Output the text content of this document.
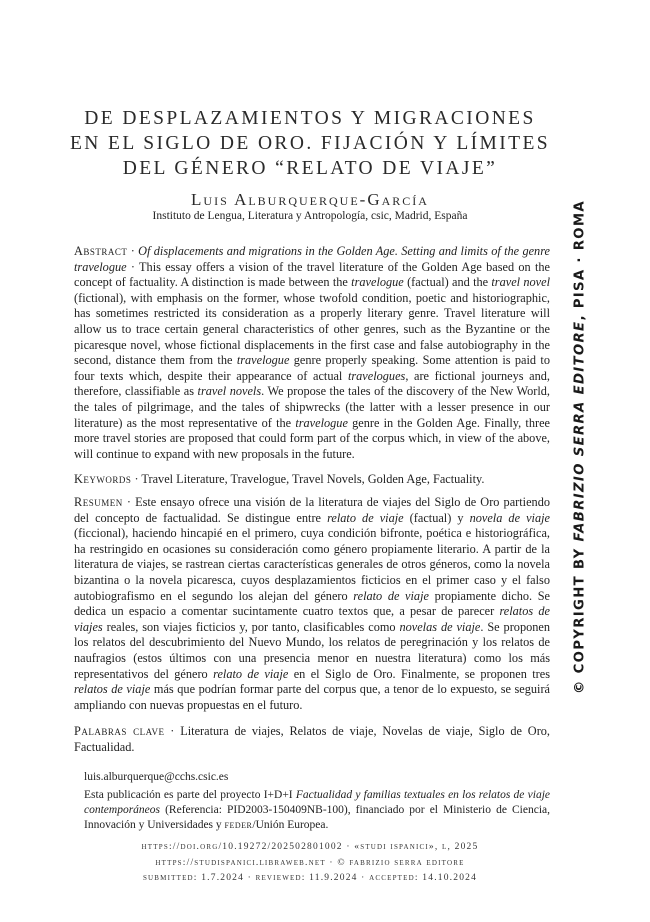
DE DESPLAZAMIENTOS Y MIGRACIONES
EN EL SIGLO DE ORO. FIJACIÓN Y LÍMITES
DEL GÉNERO “RELATO DE VIAJE”
Luis Alburquerque-García
Instituto de Lengua, Literatura y Antropología, csic, Madrid, España
Abstract · Of displacements and migrations in the Golden Age. Setting and limits of the genre travelogue · This essay offers a vision of the travel literature of the Golden Age based on the concept of factuality. A distinction is made between the travelogue (factual) and the travel novel (fictional), with emphasis on the former, whose twofold condition, poetic and historiographic, has sometimes restricted its consideration as a properly literary genre. Travel literature will allow us to trace certain general characteristics of other genres, such as the Byzantine or the picaresque novel, whose fictional displacements in the first case and false autobiography in the second, distance them from the travelogue genre properly speaking. Some attention is paid to four texts which, despite their appearance of actual travelogues, are fictional journeys and, therefore, classifiable as travel novels. We propose the tales of the discovery of the New World, the tales of pilgrimage, and the tales of shipwrecks (the latter with a lesser presence in our literature) as the most representative of the travelogue genre in the Golden Age. Finally, three more travel stories are proposed that could form part of the corpus which, in view of the above, will continue to expand with new proposals in the future.
Keywords · Travel Literature, Travelogue, Travel Novels, Golden Age, Factuality.
Resumen · Este ensayo ofrece una visión de la literatura de viajes del Siglo de Oro partiendo del concepto de factualidad. Se distingue entre relato de viaje (factual) y novela de viaje (ficcional), haciendo hincapié en el primero, cuya condición bifronte, poética e historiográfica, ha restringido en ocasiones su consideración como género propiamente literario. A partir de la literatura de viajes, se rastrean ciertas características generales de otros géneros, como la novela bizantina o la novela picaresca, cuyos desplazamientos ficticios en el primer caso y el falso autobiografismo en el segundo los alejan del género relato de viaje propiamente dicho. Se dedica un espacio a comentar sucintamente cuatro textos que, a pesar de parecer relatos de viajes reales, son viajes ficticios y, por tanto, clasificables como novelas de viaje. Se proponen los relatos del descubrimiento del Nuevo Mundo, los relatos de peregrinación y los relatos de naufragios (estos últimos con una presencia menor en nuestra literatura) como los más representativos del género relato de viaje en el Siglo de Oro. Finalmente, se proponen tres relatos de viaje más que podrían formar parte del corpus que, a tenor de lo expuesto, se seguirá ampliando con nuevas propuestas en el futuro.
Palabras clave · Literatura de viajes, Relatos de viaje, Novelas de viaje, Siglo de Oro, Factualidad.
luis.alburquerque@cchs.csic.es
Esta publicación es parte del proyecto I+D+I Factualidad y familias textuales en los relatos de viaje contemporáneos (Referencia: PID2003-150409NB-100), financiado por el Ministerio de Ciencia, Innovación y Universidades y feder/Unión Europea.
https://doi.org/10.19272/202502801002 · «studi ispanici», l, 2025
https://studispanici.libraweb.net · © fabrizio serra editore
submitted: 1.7.2024 · reviewed: 11.9.2024 · accepted: 14.10.2024
© COPYRIGHT BY FABRIZIO SERRA EDITORE, PISA · ROMA
